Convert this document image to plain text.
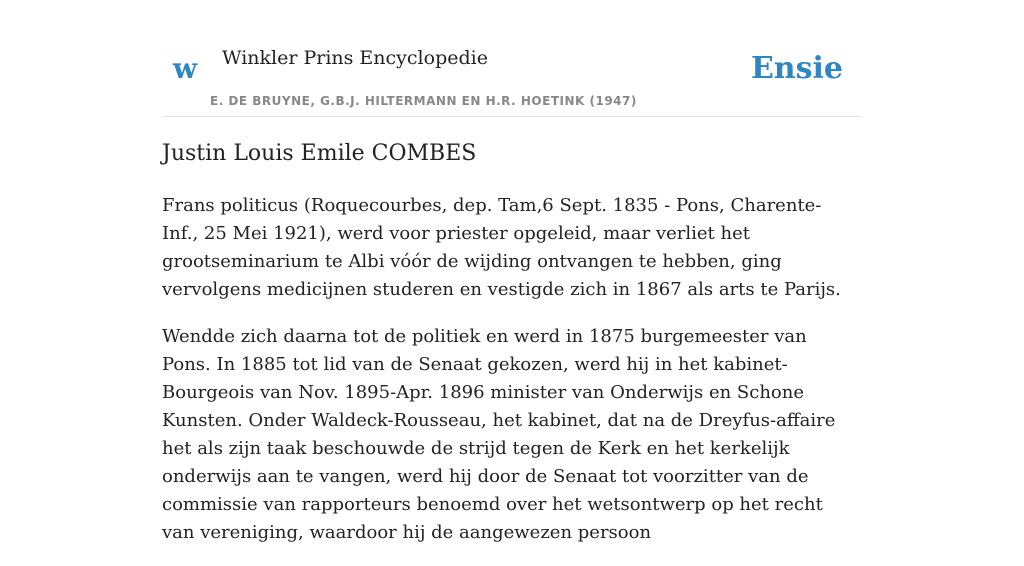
w Winkler Prins Encyclopedie
E. DE BRUYNE, G.B.J. HILTERMANN EN H.R. HOETINK (1947)
Ensie
Justin Louis Emile COMBES

Frans politicus (Roquecourbes, dep. Tam,6 Sept. 1835 - Pons, Charente-Inf., 25 Mei 1921), werd voor priester opgeleid, maar verliet het grootseminarium te Albi vóór de wijding ontvangen te hebben, ging vervolgens medicijnen studeren en vestigde zich in 1867 als arts te Parijs.

Wendde zich daarna tot de politiek en werd in 1875 burgemeester van Pons. In 1885 tot lid van de Senaat gekozen, werd hij in het kabinet-Bourgeois van Nov. 1895-Apr. 1896 minister van Onderwijs en Schone Kunsten. Onder Waldeck-Rousseau, het kabinet, dat na de Dreyfus-affaire het als zijn taak beschouwde de strijd tegen de Kerk en het kerkelijk onderwijs aan te vangen, werd hij door de Senaat tot voorzitter van de commissie van rapporteurs benoemd over het wetsontwerp op het recht van vereniging, waardoor hij de aangewezen persoon
